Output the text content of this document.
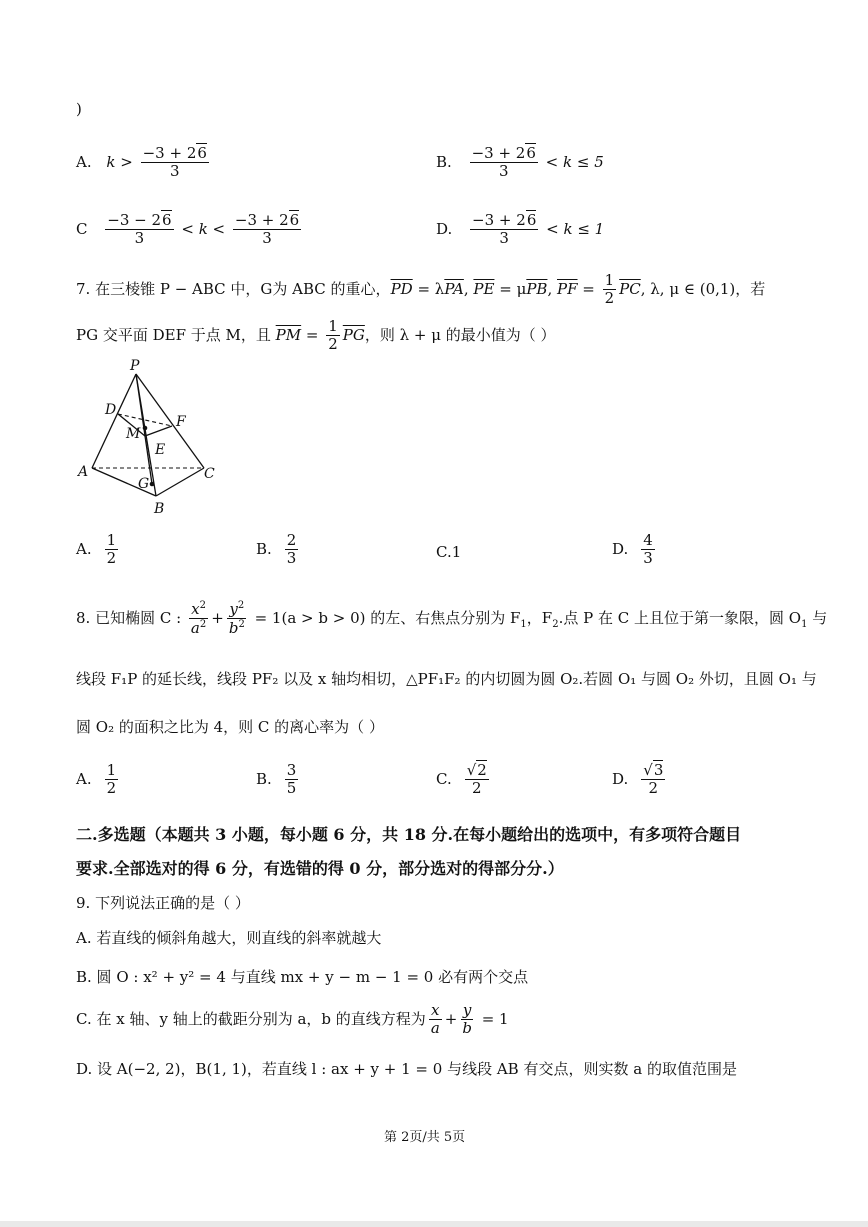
)
A. $k > \frac{-3 + 26}{3}$	B. $\frac{-3 + 26}{3} < k \le 5$
C $\frac{-3 - 26}{3} < k < \frac{-3 + 26}{3}$	D. $\frac{-3 + 26}{3} < k \le 1$
7. 在三棱锥 P − ABC 中，G为 ABC 的重心，$\overline{PD} = \lambda\overline{PA}$, $\overline{PE} = \mu\overline{PB}$, $\overline{PF} = \frac{1}{2} \overline{PC}$, λ, μ ∈ (0,1)，若
PG 交平面 DEF 于点 M，且 $\overline{PM} = \frac{1}{2} \overline{PG}$，则 λ + μ 的最小值为（ ）
P
D
F
M
E
A	C
G
B
A. $\frac{1}{2}$	B. $\frac{2}{3}$	C.1	D. $\frac{4}{3}$
8. 已知椭圆 C : $\frac{x^2}{a^2} + \frac{y^2}{b^2} = 1(a > b > 0)$ 的左、右焦点分别为 $F_1$，$F_2$.点 P 在 C 上且位于第一象限，圆 $O_1$ 与
线段 F₁P 的延长线，线段 PF₂ 以及 x 轴均相切，△PF₁F₂ 的内切圆为圆 O₂.若圆 O₁ 与圆 O₂ 外切，且圆 O₁ 与
圆 O₂ 的面积之比为 4，则 C 的离心率为（ ）
A. $\frac{1}{2}$	B. $\frac{3}{5}$	C. $\frac{√2}{2}$	D. $\frac{√3}{2}$
二.多选题（本题共 3 小题，每小题 6 分，共 18 分.在每小题给出的选项中，有多项符合题目
要求.全部选对的得 6 分，有选错的得 0 分，部分选对的得部分分.）
9. 下列说法正确的是（ ）
A. 若直线的倾斜角越大，则直线的斜率就越大
B. 圆 O : x² + y² = 4 与直线 mx + y − m − 1 = 0 必有两个交点
C. 在 x 轴、y 轴上的截距分别为 a，b 的直线方程为 $\frac{x}{a} + \frac{y}{b} = 1$
D. 设 A(−2, 2)，B(1, 1)，若直线 l : ax + y + 1 = 0 与线段 AB 有交点，则实数 a 的取值范围是
第 2页/共 5页
